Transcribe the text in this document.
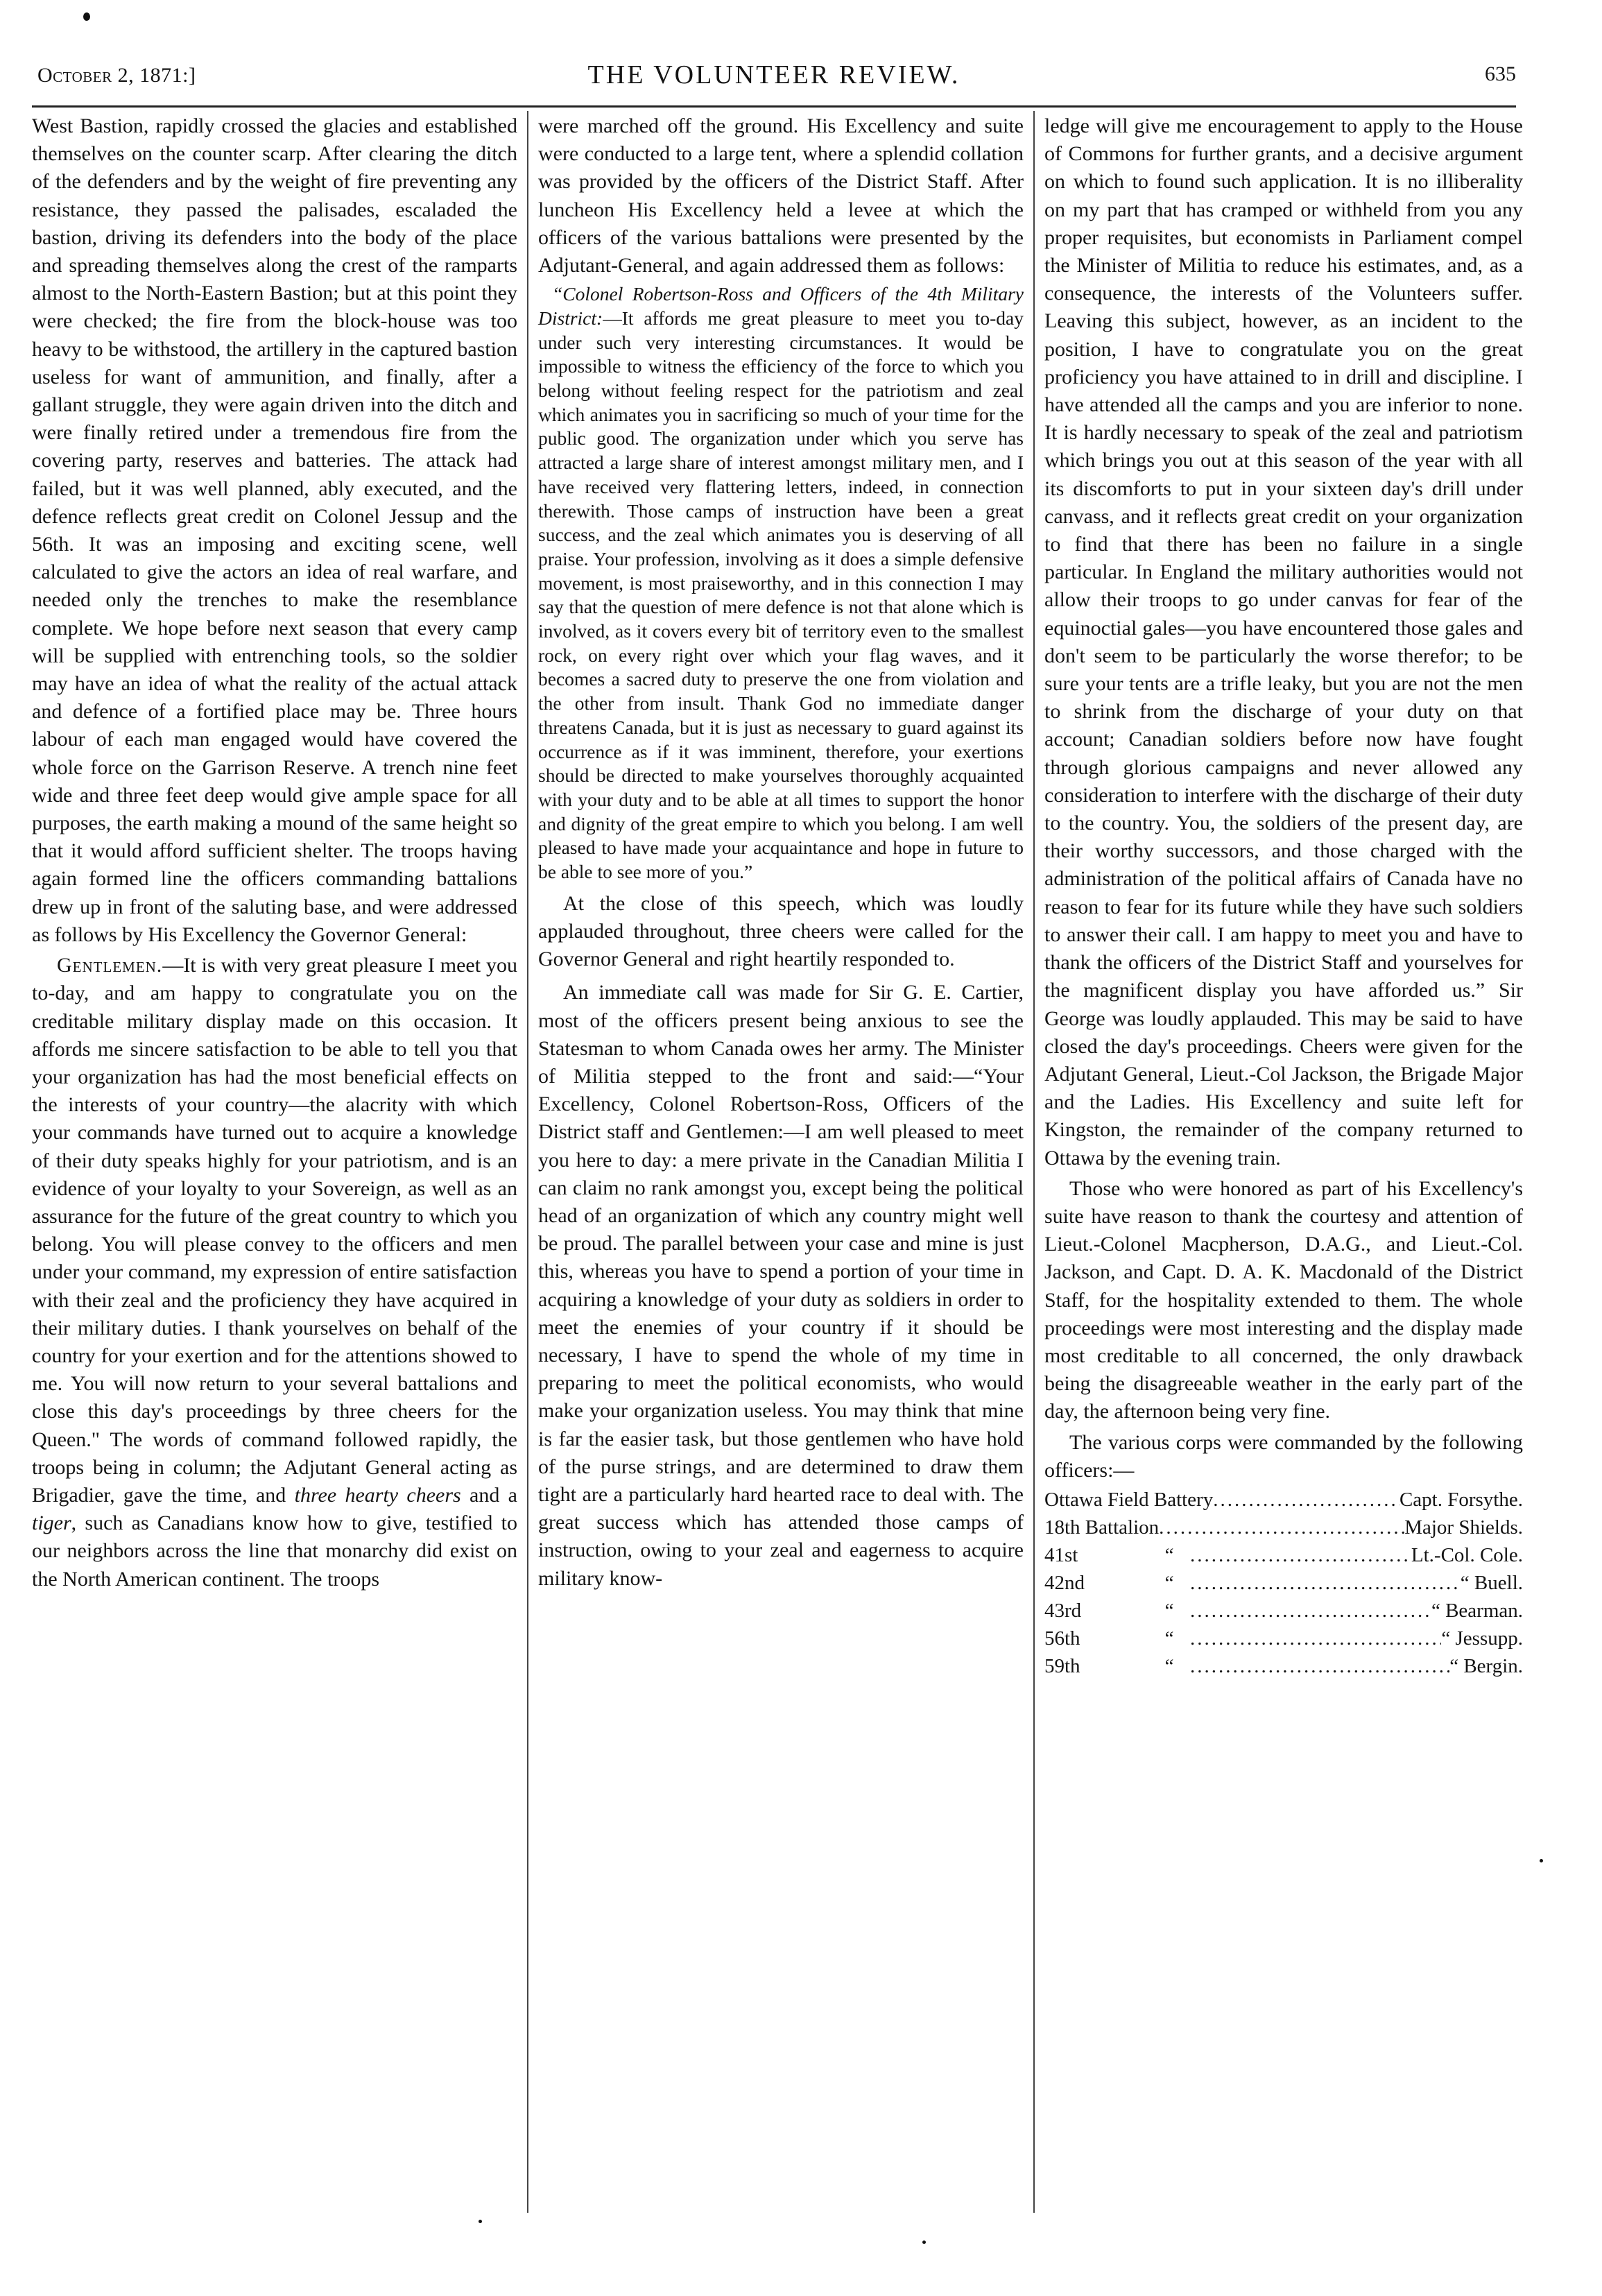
October 2, 1871:]	THE VOLUNTEER REVIEW.	635

West Bastion, rapidly crossed the glacies and established themselves on the counter scarp. After clearing the ditch of the defenders and by the weight of fire preventing any resistance, they passed the palisades, escaladed the bastion, driving its defenders into the body of the place and spreading themselves along the crest of the ramparts almost to the North-Eastern Bastion; but at this point they were checked; the fire from the block-house was too heavy to be withstood, the artillery in the captured bastion useless for want of ammunition, and finally, after a gallant struggle, they were again driven into the ditch and were finally retired under a tremendous fire from the covering party, reserves and batteries. The attack had failed, but it was well planned, ably executed, and the defence reflects great credit on Colonel Jessup and the 56th. It was an imposing and exciting scene, well calculated to give the actors an idea of real warfare, and needed only the trenches to make the resemblance complete. We hope before next season that every camp will be supplied with entrenching tools, so the soldier may have an idea of what the reality of the actual attack and defence of a fortified place may be. Three hours labour of each man engaged would have covered the whole force on the Garrison Reserve. A trench nine feet wide and three feet deep would give ample space for all purposes, the earth making a mound of the same height so that it would afford sufficient shelter. The troops having again formed line the officers commanding battalions drew up in front of the saluting base, and were addressed as follows by His Excellency the Governor General:

Gentlemen.—It is with very great pleasure I meet you to-day, and am happy to congratulate you on the creditable military display made on this occasion. It affords me sincere satisfaction to be able to tell you that your organization has had the most beneficial effects on the interests of your country—the alacrity with which your commands have turned out to acquire a knowledge of their duty speaks highly for your patriotism, and is an evidence of your loyalty to your Sovereign, as well as an assurance for the future of the great country to which you belong. You will please convey to the officers and men under your command, my expression of entire satisfaction with their zeal and the proficiency they have acquired in their military duties. I thank yourselves on behalf of the country for your exertion and for the attentions showed to me. You will now return to your several battalions and close this day's proceedings by three cheers for the Queen." The words of command followed rapidly, the troops being in column; the Adjutant General acting as Brigadier, gave the time, and three hearty cheers and a tiger, such as Canadians know how to give, testified to our neighbors across the line that monarchy did exist on the North American continent. The troops

were marched off the ground. His Excellency and suite were conducted to a large tent, where a splendid collation was provided by the officers of the District Staff. After luncheon His Excellency held a levee at which the officers of the various battalions were presented by the Adjutant-General, and again addressed them as follows:

“Colonel Robertson-Ross and Officers of the 4th Military District:—It affords me great pleasure to meet you to-day under such very interesting circumstances. It would be impossible to witness the efficiency of the force to which you belong without feeling respect for the patriotism and zeal which animates you in sacrificing so much of your time for the public good. The organization under which you serve has attracted a large share of interest amongst military men, and I have received very flattering letters, indeed, in connection therewith. Those camps of instruction have been a great success, and the zeal which animates you is deserving of all praise. Your profession, involving as it does a simple defensive movement, is most praiseworthy, and in this connection I may say that the question of mere defence is not that alone which is involved, as it covers every bit of territory even to the smallest rock, on every right over which your flag waves, and it becomes a sacred duty to preserve the one from violation and the other from insult. Thank God no immediate danger threatens Canada, but it is just as necessary to guard against its occurrence as if it was imminent, therefore, your exertions should be directed to make yourselves thoroughly acquainted with your duty and to be able at all times to support the honor and dignity of the great empire to which you belong. I am well pleased to have made your acquaintance and hope in future to be able to see more of you.”

At the close of this speech, which was loudly applauded throughout, three cheers were called for the Governor General and right heartily responded to.

An immediate call was made for Sir G. E. Cartier, most of the officers present being anxious to see the Statesman to whom Canada owes her army. The Minister of Militia stepped to the front and said:—“Your Excellency, Colonel Robertson-Ross, Officers of the District staff and Gentlemen:—I am well pleased to meet you here to day: a mere private in the Canadian Militia I can claim no rank amongst you, except being the political head of an organization of which any country might well be proud. The parallel between your case and mine is just this, whereas you have to spend a portion of your time in acquiring a knowledge of your duty as soldiers in order to meet the enemies of your country if it should be necessary, I have to spend the whole of my time in preparing to meet the political economists, who would make your organization useless. You may think that mine is far the easier task, but those gentlemen who have hold of the purse strings, and are determined to draw them tight are a particularly hard hearted race to deal with. The great success which has attended those camps of instruction, owing to your zeal and eagerness to acquire military know-

ledge will give me encouragement to apply to the House of Commons for further grants, and a decisive argument on which to found such application. It is no illiberality on my part that has cramped or withheld from you any proper requisites, but economists in Parliament compel the Minister of Militia to reduce his estimates, and, as a consequence, the interests of the Volunteers suffer. Leaving this subject, however, as an incident to the position, I have to congratulate you on the great proficiency you have attained to in drill and discipline. I have attended all the camps and you are inferior to none. It is hardly necessary to speak of the zeal and patriotism which brings you out at this season of the year with all its discomforts to put in your sixteen day's drill under canvass, and it reflects great credit on your organization to find that there has been no failure in a single particular. In England the military authorities would not allow their troops to go under canvas for fear of the equinoctial gales—you have encountered those gales and don't seem to be particularly the worse therefor; to be sure your tents are a trifle leaky, but you are not the men to shrink from the discharge of your duty on that account; Canadian soldiers before now have fought through glorious campaigns and never allowed any consideration to interfere with the discharge of their duty to the country. You, the soldiers of the present day, are their worthy successors, and those charged with the administration of the political affairs of Canada have no reason to fear for its future while they have such soldiers to answer their call. I am happy to meet you and have to thank the officers of the District Staff and yourselves for the magnificent display you have afforded us.” Sir George was loudly applauded. This may be said to have closed the day's proceedings. Cheers were given for the Adjutant General, Lieut.-Col Jackson, the Brigade Major and the Ladies. His Excellency and suite left for Kingston, the remainder of the company returned to Ottawa by the evening train.

Those who were honored as part of his Excellency's suite have reason to thank the courtesy and attention of Lieut.-Colonel Macpherson, D.A.G., and Lieut.-Col. Jackson, and Capt. D. A. K. Macdonald of the District Staff, for the hospitality extended to them. The whole proceedings were most interesting and the display made most creditable to all concerned, the only drawback being the disagreeable weather in the early part of the day, the afternoon being very fine.

The various corps were commanded by the following officers:—

Ottawa Field Battery .....	Capt. Forsythe.
18th Battalion .....	Major Shields.
41st	“ .....	Lt.-Col. Cole.
42nd	“ .....	“ Buell.
43rd	“ .....	“ Bearman.
56th	“ .....	“ Jessupp.
59th	“ .....	“ Bergin.
